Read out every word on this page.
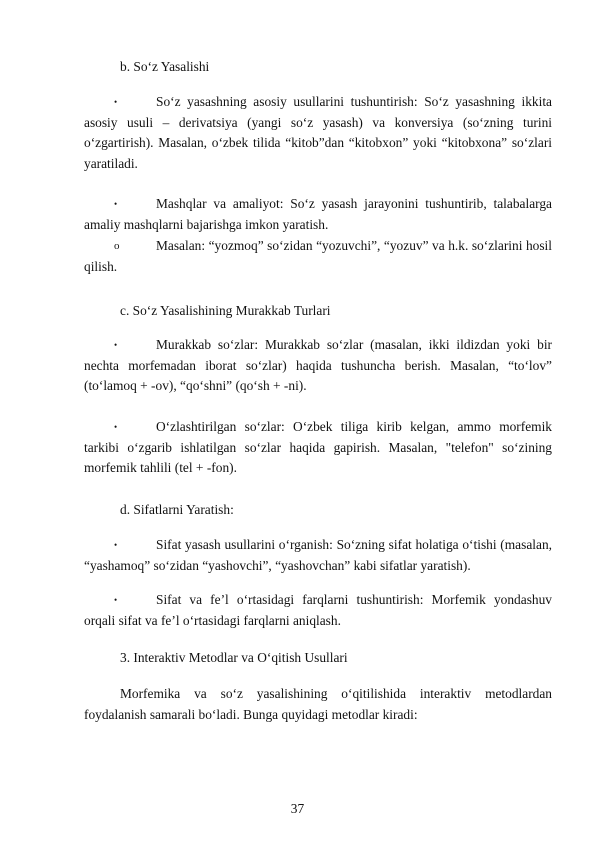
b. So‘z Yasalishi

•	So‘z yasashning asosiy usullarini tushuntirish: So‘z yasashning ikkita asosiy usuli – derivatsiya (yangi so‘z yasash) va konversiya (so‘zning turini o‘zgartirish). Masalan, o‘zbek tilida “kitob”dan “kitobxon” yoki “kitobxona” so‘zlari yaratiladi.

•	Mashqlar va amaliyot: So‘z yasash jarayonini tushuntirib, talabalarga amaliy mashqlarni bajarishga imkon yaratish.

o	Masalan: “yozmoq” so‘zidan “yozuvchi”, “yozuv” va h.k. so‘zlarini hosil qilish.

c. So‘z Yasalishining Murakkab Turlari

•	Murakkab so‘zlar: Murakkab so‘zlar (masalan, ikki ildizdan yoki bir nechta morfemadan iborat so‘zlar) haqida tushuncha berish. Masalan, “to‘lov” (to‘lamoq + -ov), “qo‘shni” (qo‘sh + -ni).

•	O‘zlashtirilgan so‘zlar: O‘zbek tiliga kirib kelgan, ammo morfemik tarkibi o‘zgarib ishlatilgan so‘zlar haqida gapirish. Masalan, "telefon" so‘zining morfemik tahlili (tel + -fon).

d. Sifatlarni Yaratish:

•	Sifat yasash usullarini o‘rganish: So‘zning sifat holatiga o‘tishi (masalan, “yashamoq” so‘zidan “yashovchi”, “yashovchan” kabi sifatlar yaratish).

•	Sifat va fe’l o‘rtasidagi farqlarni tushuntirish: Morfemik yondashuv orqali sifat va fe’l o‘rtasidagi farqlarni aniqlash.

3. Interaktiv Metodlar va O‘qitish Usullari

Morfemika va so‘z yasalishining o‘qitilishida interaktiv metodlardan foydalanish samarali bo‘ladi. Bunga quyidagi metodlar kiradi:

37
